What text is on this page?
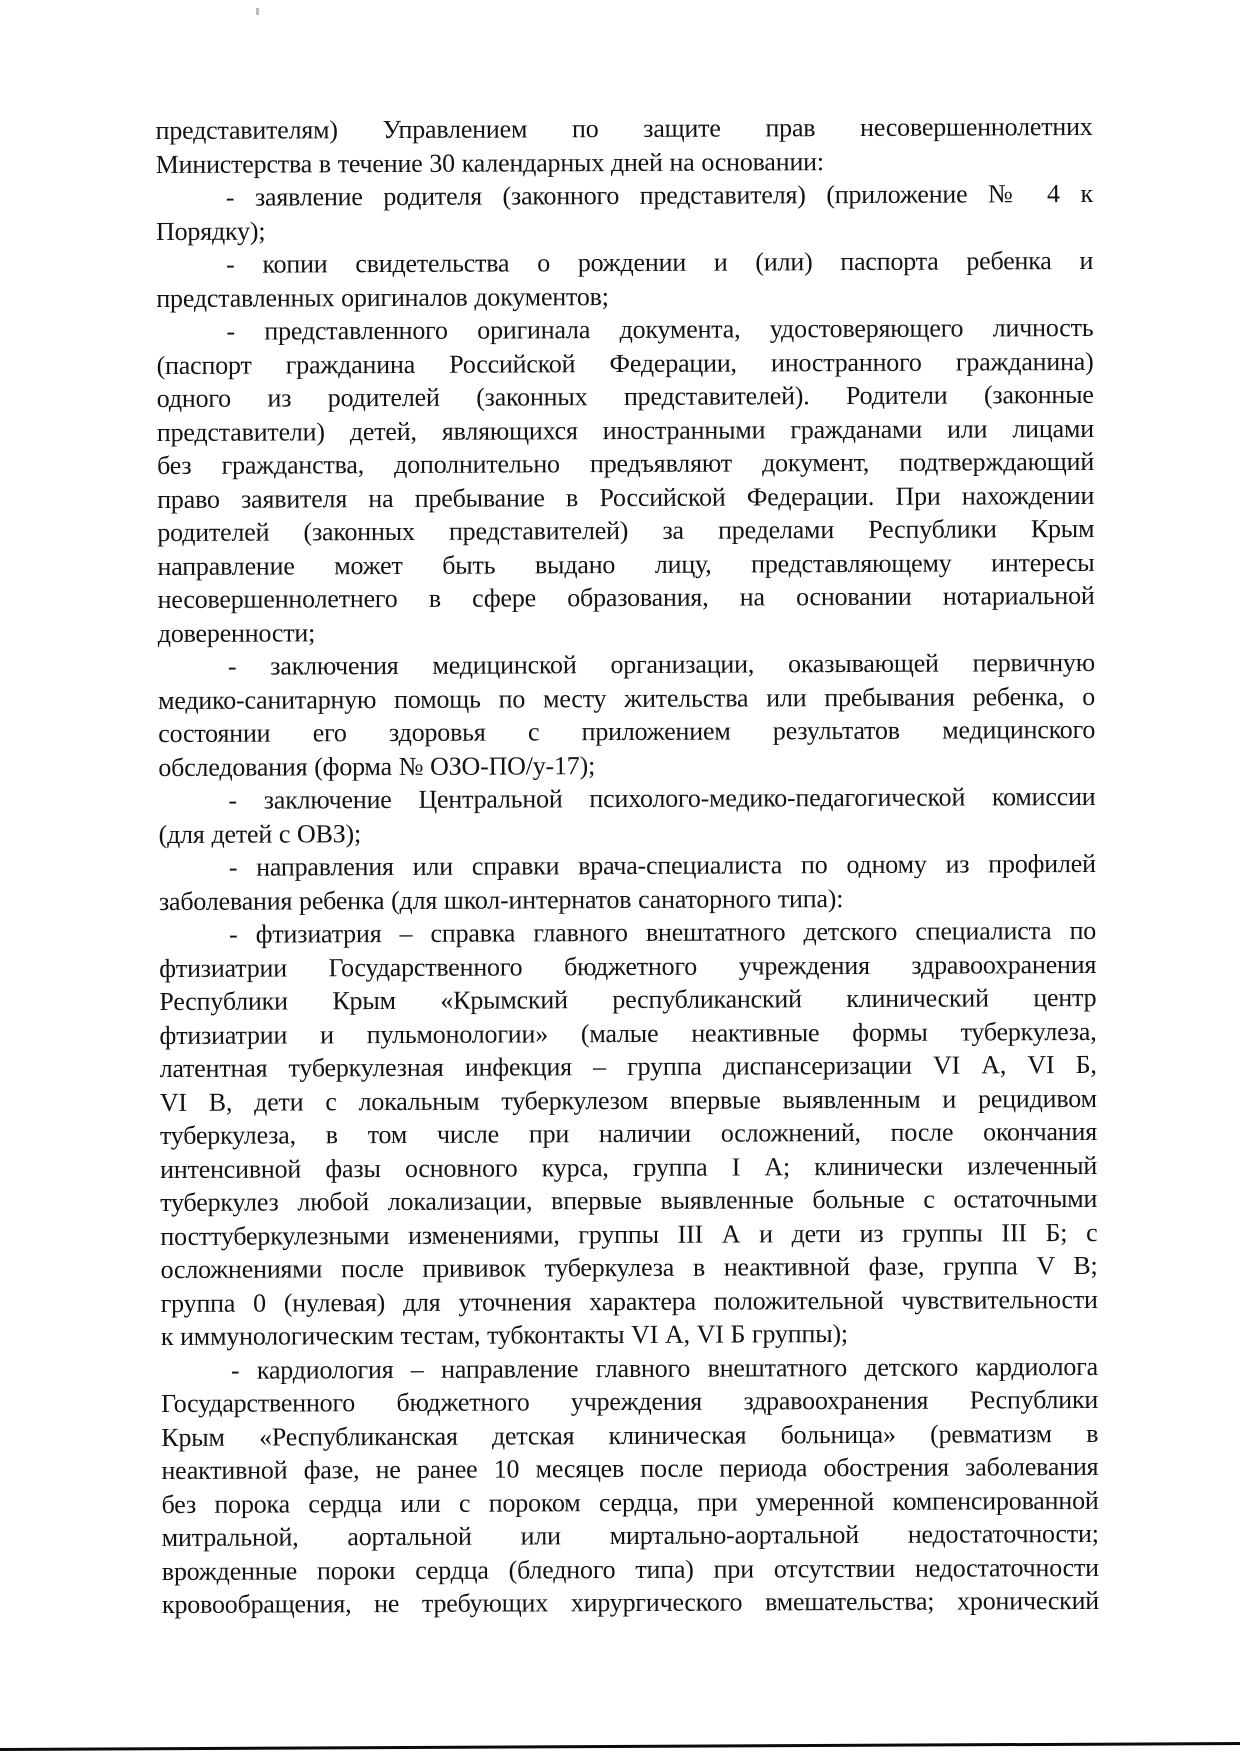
представителям) Управлением по защите прав несовершеннолетних
Министерства в течение 30 календарных дней на основании:
- заявление родителя (законного представителя) (приложение № 4 к
Порядку);
- копии свидетельства о рождении и (или) паспорта ребенка и
представленных оригиналов документов;
- представленного оригинала документа, удостоверяющего личность
(паспорт гражданина Российской Федерации, иностранного гражданина)
одного из родителей (законных представителей). Родители (законные
представители) детей, являющихся иностранными гражданами или лицами
без гражданства, дополнительно предъявляют документ, подтверждающий
право заявителя на пребывание в Российской Федерации. При нахождении
родителей (законных представителей) за пределами Республики Крым
направление может быть выдано лицу, представляющему интересы
несовершеннолетнего в сфере образования, на основании нотариальной
доверенности;
- заключения медицинской организации, оказывающей первичную
медико-санитарную помощь по месту жительства или пребывания ребенка, о
состоянии его здоровья с приложением результатов медицинского
обследования (форма № ОЗО-ПО/у-17);
- заключение Центральной психолого-медико-педагогической комиссии
(для детей с ОВЗ);
- направления или справки врача-специалиста по одному из профилей
заболевания ребенка (для школ-интернатов санаторного типа):
- фтизиатрия – справка главного внештатного детского специалиста по
фтизиатрии Государственного бюджетного учреждения здравоохранения
Республики Крым «Крымский республиканский клинический центр
фтизиатрии и пульмонологии» (малые неактивные формы туберкулеза,
латентная туберкулезная инфекция – группа диспансеризации VI А, VI Б,
VI В, дети с локальным туберкулезом впервые выявленным и рецидивом
туберкулеза, в том числе при наличии осложнений, после окончания
интенсивной фазы основного курса, группа I А; клинически излеченный
туберкулез любой локализации, впервые выявленные больные с остаточными
посттуберкулезными изменениями, группы III А и дети из группы III Б; с
осложнениями после прививок туберкулеза в неактивной фазе, группа V В;
группа 0 (нулевая) для уточнения характера положительной чувствительности
к иммунологическим тестам, тубконтакты VI А, VI Б группы);
- кардиология – направление главного внештатного детского кардиолога
Государственного бюджетного учреждения здравоохранения Республики
Крым «Республиканская детская клиническая больница» (ревматизм в
неактивной фазе, не ранее 10 месяцев после периода обострения заболевания
без порока сердца или с пороком сердца, при умеренной компенсированной
митральной, аортальной или миртально-аортальной недостаточности;
врожденные пороки сердца (бледного типа) при отсутствии недостаточности
кровообращения, не требующих хирургического вмешательства; хронический
